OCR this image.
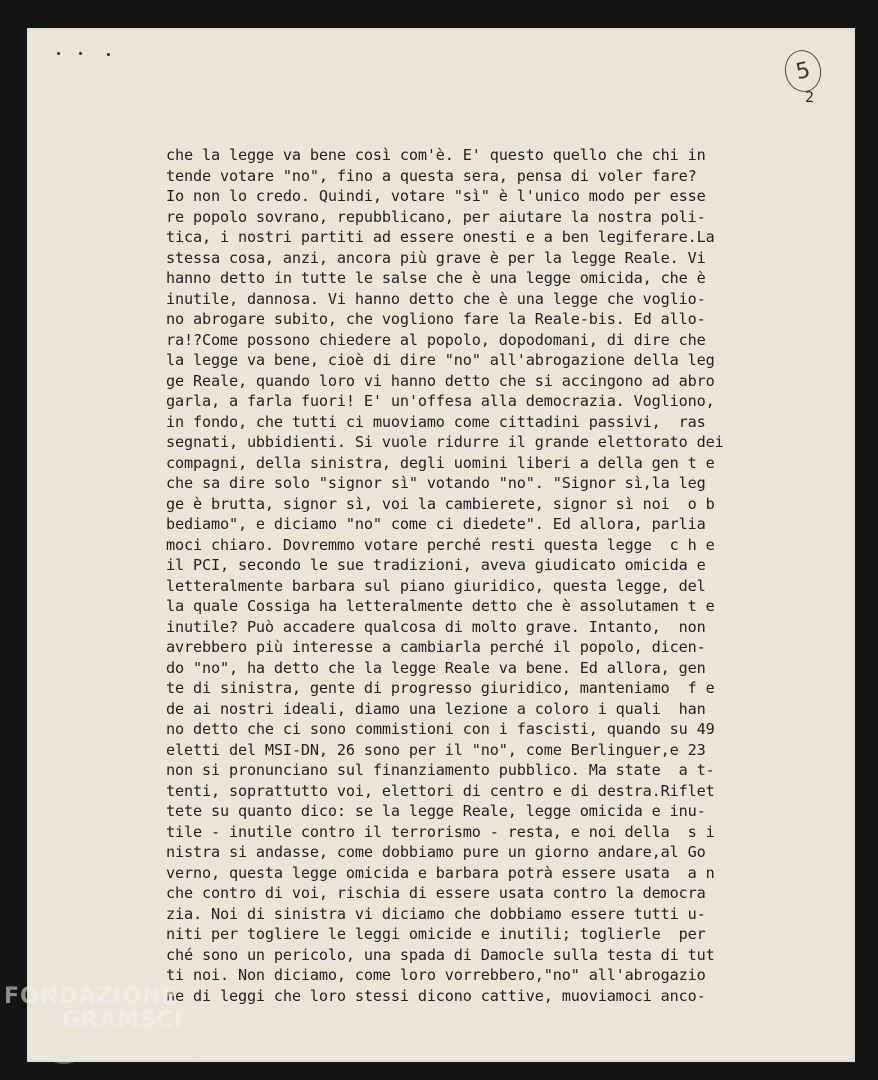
5
2
che la legge va bene così com'è. E' questo quello che chi in
tende votare "no", fino a questa sera, pensa di voler fare?
Io non lo credo. Quindi, votare "sì" è l'unico modo per esse
re popolo sovrano, repubblicano, per aiutare la nostra poli-
tica, i nostri partiti ad essere onesti e a ben legiferare.La
stessa cosa, anzi, ancora più grave è per la legge Reale. Vi
hanno detto in tutte le salse che è una legge omicida, che è
inutile, dannosa. Vi hanno detto che è una legge che voglio-
no abrogare subito, che vogliono fare la Reale-bis. Ed allo-
ra!?Come possono chiedere al popolo, dopodomani, di dire che
la legge va bene, cioè di dire "no" all'abrogazione della leg
ge Reale, quando loro vi hanno detto che si accingono ad abro
garla, a farla fuori! E' un'offesa alla democrazia. Vogliono,
in fondo, che tutti ci muoviamo come cittadini passivi,  ras
segnati, ubbidienti. Si vuole ridurre il grande elettorato dei
compagni, della sinistra, degli uomini liberi a della gen t e
che sa dire solo "signor sì" votando "no". "Signor sì,la leg
ge è brutta, signor sì, voi la cambierete, signor sì noi  o b
bediamo", e diciamo "no" come ci diedete". Ed allora, parlia
moci chiaro. Dovremmo votare perché resti questa legge  c h e
il PCI, secondo le sue tradizioni, aveva giudicato omicida e
letteralmente barbara sul piano giuridico, questa legge, del
la quale Cossiga ha letteralmente detto che è assolutamen t e
inutile? Può accadere qualcosa di molto grave. Intanto,  non
avrebbero più interesse a cambiarla perché il popolo, dicen-
do "no", ha detto che la legge Reale va bene. Ed allora, gen
te di sinistra, gente di progresso giuridico, manteniamo  f e
de ai nostri ideali, diamo una lezione a coloro i quali  han
no detto che ci sono commistioni con i fascisti, quando su 49
eletti del MSI-DN, 26 sono per il "no", come Berlinguer,e 23
non si pronunciano sul finanziamento pubblico. Ma state  a t-
tenti, soprattutto voi, elettori di centro e di destra.Riflet
tete su quanto dico: se la legge Reale, legge omicida e inu-
tile - inutile contro il terrorismo - resta, e noi della  s i
nistra si andasse, come dobbiamo pure un giorno andare,al Go
verno, questa legge omicida e barbara potrà essere usata  a n
che contro di voi, rischia di essere usata contro la democra
zia. Noi di sinistra vi diciamo che dobbiamo essere tutti u-
niti per togliere le leggi omicide e inutili; toglierle  per
ché sono un pericolo, una spada di Damocle sulla testa di tut
ti noi. Non diciamo, come loro vorrebbero,"no" all'abrogazio
ne di leggi che loro stessi dicono cattive, muoviamoci anco-
FONDAZIONE
GRAMSCI
onlus
